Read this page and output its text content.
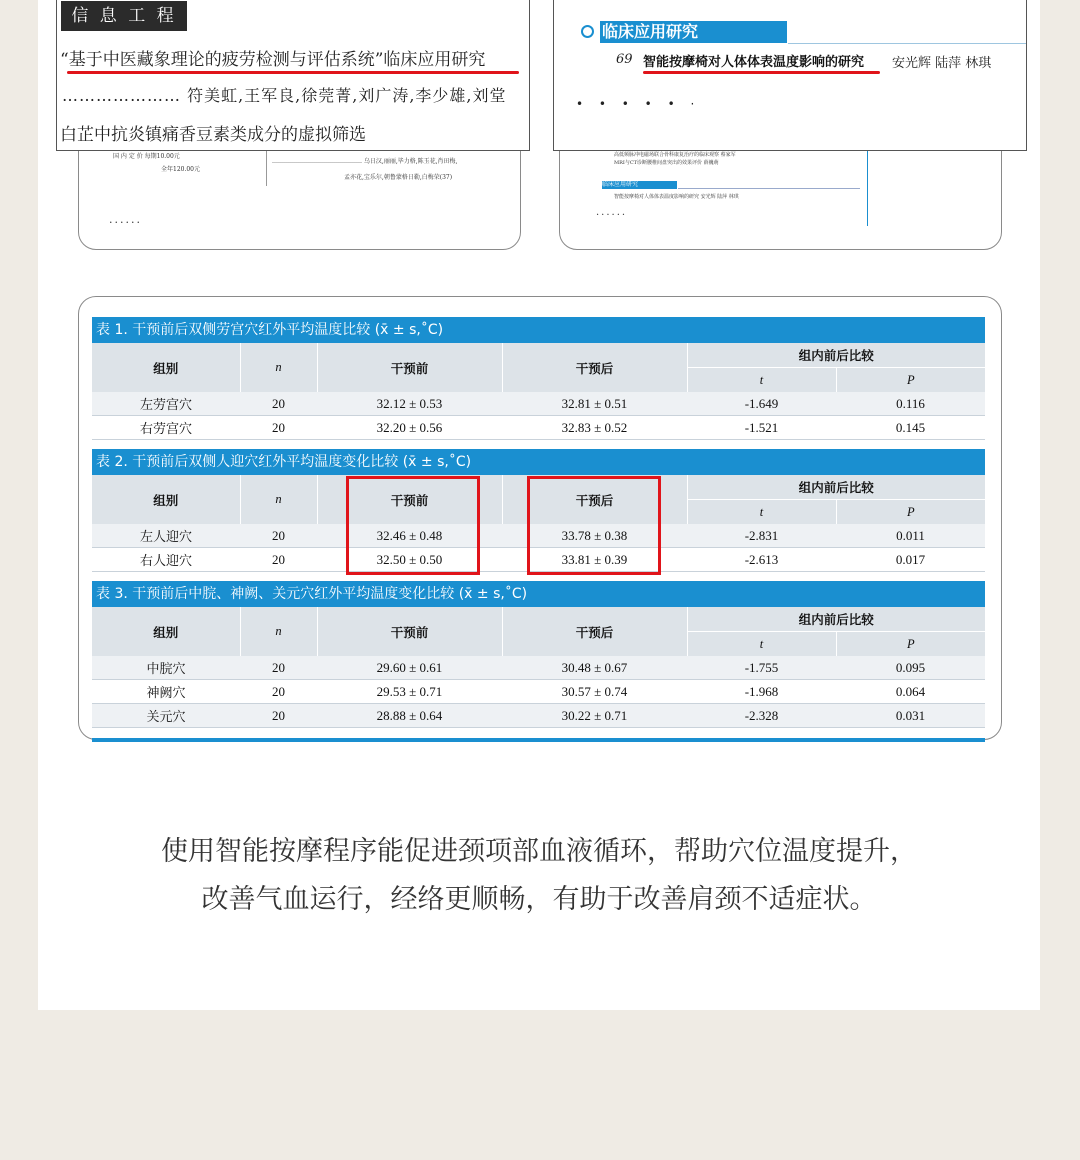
国 内 定 价 每期10.00元
全年120.00元
……………………………………… 乌日汉,丽丽,毕力格,陈玉花,肖田梅,
孟亦花,宝乐尔,朝鲁蒙格日勒,白梅荣(37)
......
信 息 工 程
“基于中医藏象理论的疲劳检测与评估系统”临床应用研究
………………… 符美虹,王军良,徐莞菁,刘广涛,李少雄,刘堂
白芷中抗炎镇痛香豆素类成分的虚拟筛选
高低频脉冲电磁场联合骨科康复治疗的临床观察 蔡家军
MRI与CT诊断腰椎间盘突出的效果评价 薛巍萌
临床应用研究
智能按摩椅对人体体表温度影响的研究 安光辉 陆萍 林琪
......
临床应用研究
69 智能按摩椅对人体体表温度影响的研究 安光辉 陆萍 林琪
• • • • • ·
表 1. 干预前后双侧劳宫穴红外平均温度比较 (x̄ ± s,˚C)
组别	n	干预前	干预后	组内前后比较	
				t	P
左劳宫穴	20	32.12 ± 0.53	32.81 ± 0.51	-1.649	0.116
右劳宫穴	20	32.20 ± 0.56	32.83 ± 0.52	-1.521	0.145
表 2. 干预前后双侧人迎穴红外平均温度变化比较 (x̄ ± s,˚C)
组别	n	干预前	干预后	组内前后比较	
				t	P
左人迎穴	20	32.46 ± 0.48	33.78 ± 0.38	-2.831	0.011
右人迎穴	20	32.50 ± 0.50	33.81 ± 0.39	-2.613	0.017
表 3. 干预前后中脘、神阙、关元穴红外平均温度变化比较 (x̄ ± s,˚C)
组别	n	干预前	干预后	组内前后比较	
				t	P
中脘穴	20	29.60 ± 0.61	30.48 ± 0.67	-1.755	0.095
神阙穴	20	29.53 ± 0.71	30.57 ± 0.74	-1.968	0.064
关元穴	20	28.88 ± 0.64	30.22 ± 0.71	-2.328	0.031
使用智能按摩程序能促进颈项部血液循环，帮助穴位温度提升，
改善气血运行，经络更顺畅，有助于改善肩颈不适症状。
